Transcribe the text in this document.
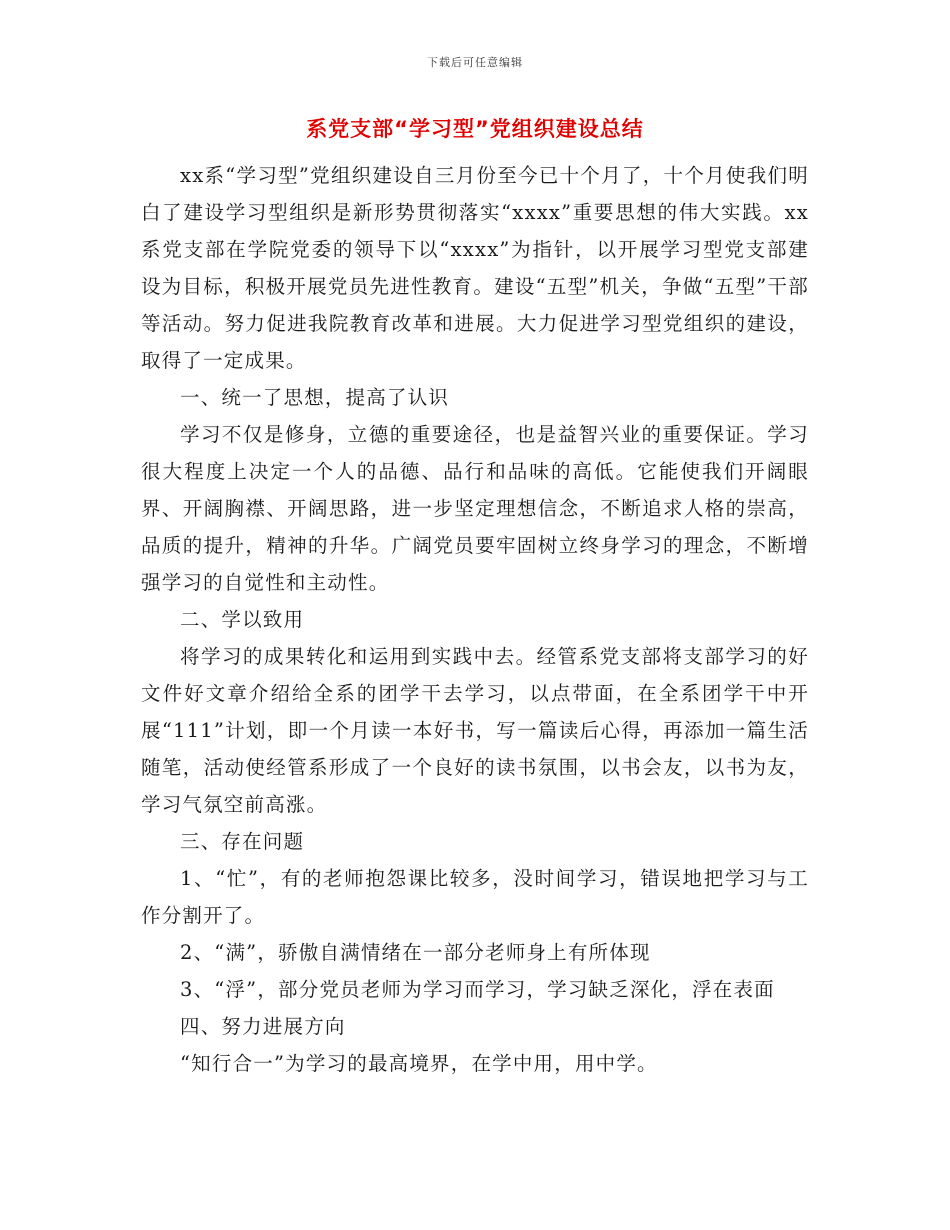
下载后可任意编辑
系党支部“学习型”党组织建设总结

xx系“学习型”党组织建设自三月份至今已十个月了，十个月使我们明白了建设学习型组织是新形势贯彻落实“xxxx”重要思想的伟大实践。xx系党支部在学院党委的领导下以“xxxx”为指针，以开展学习型党支部建设为目标，积极开展党员先进性教育。建设“五型”机关，争做“五型”干部等活动。努力促进我院教育改革和进展。大力促进学习型党组织的建设，取得了一定成果。

一、统一了思想，提高了认识

学习不仅是修身，立德的重要途径，也是益智兴业的重要保证。学习很大程度上决定一个人的品德、品行和品味的高低。它能使我们开阔眼界、开阔胸襟、开阔思路，进一步坚定理想信念，不断追求人格的崇高，品质的提升，精神的升华。广阔党员要牢固树立终身学习的理念，不断增强学习的自觉性和主动性。

二、学以致用

将学习的成果转化和运用到实践中去。经管系党支部将支部学习的好文件好文章介绍给全系的团学干去学习，以点带面，在全系团学干中开展“111”计划，即一个月读一本好书，写一篇读后心得，再添加一篇生活随笔，活动使经管系形成了一个良好的读书氛围，以书会友，以书为友，学习气氛空前高涨。

三、存在问题

1、“忙”，有的老师抱怨课比较多，没时间学习，错误地把学习与工作分割开了。

2、“满”，骄傲自满情绪在一部分老师身上有所体现

3、“浮”，部分党员老师为学习而学习，学习缺乏深化，浮在表面

四、努力进展方向

“知行合一”为学习的最高境界，在学中用，用中学。
